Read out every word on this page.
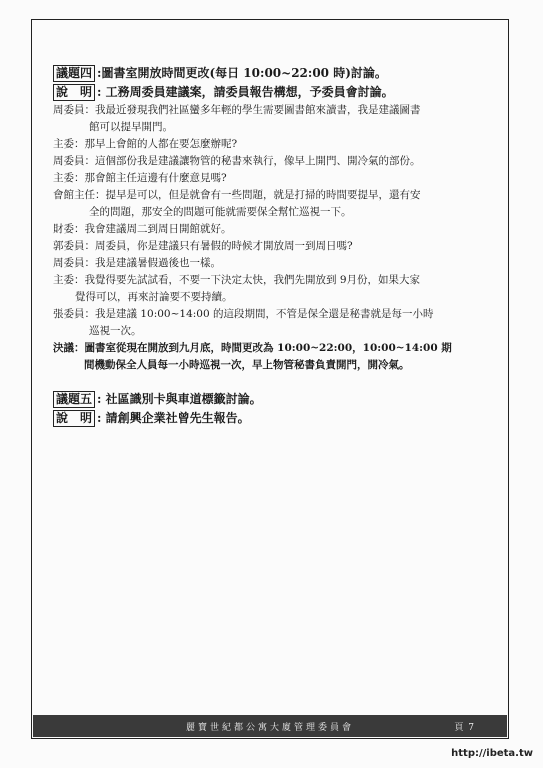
議題四 :圖書室開放時間更改(每日 10:00~22:00 時)討論。
說　明 : 工務周委員建議案，請委員報告構想，予委員會討論。
周委員：我最近發現我們社區蠻多年輕的學生需要圖書館來讀書，我是建議圖書
館可以提早開門。
主委：那早上會館的人都在要怎麼辦呢?
周委員：這個部份我是建議讓物管的秘書來執行，像早上開門、開冷氣的部份。
主委：那會館主任這邊有什麼意見嗎?
會館主任：提早是可以，但是就會有一些問題，就是打掃的時間要提早，還有安
全的問題，那安全的問題可能就需要保全幫忙巡視一下。
財委：我會建議周二到周日開館就好。
郭委員：周委員，你是建議只有暑假的時候才開放周一到周日嗎?
周委員：我是建議暑假過後也一樣。
主委：我覺得要先試試看，不要一下決定太快，我們先開放到 9月份，如果大家
覺得可以，再來討論要不要持續。
張委員：我是建議 10:00~14:00 的這段期間，不管是保全還是秘書就是每一小時
巡視一次。
決議：圖書室從現在開放到九月底，時間更改為 10:00~22:00，10:00~14:00 期
間機動保全人員每一小時巡視一次，早上物管秘書負責開門，開冷氣。
議題五 : 社區識別卡與車道標籤討論。
說　明 : 請創興企業社曾先生報告。
麗寶世紀都公寓大廈管理委員會	頁 7
http://ibeta.tw
